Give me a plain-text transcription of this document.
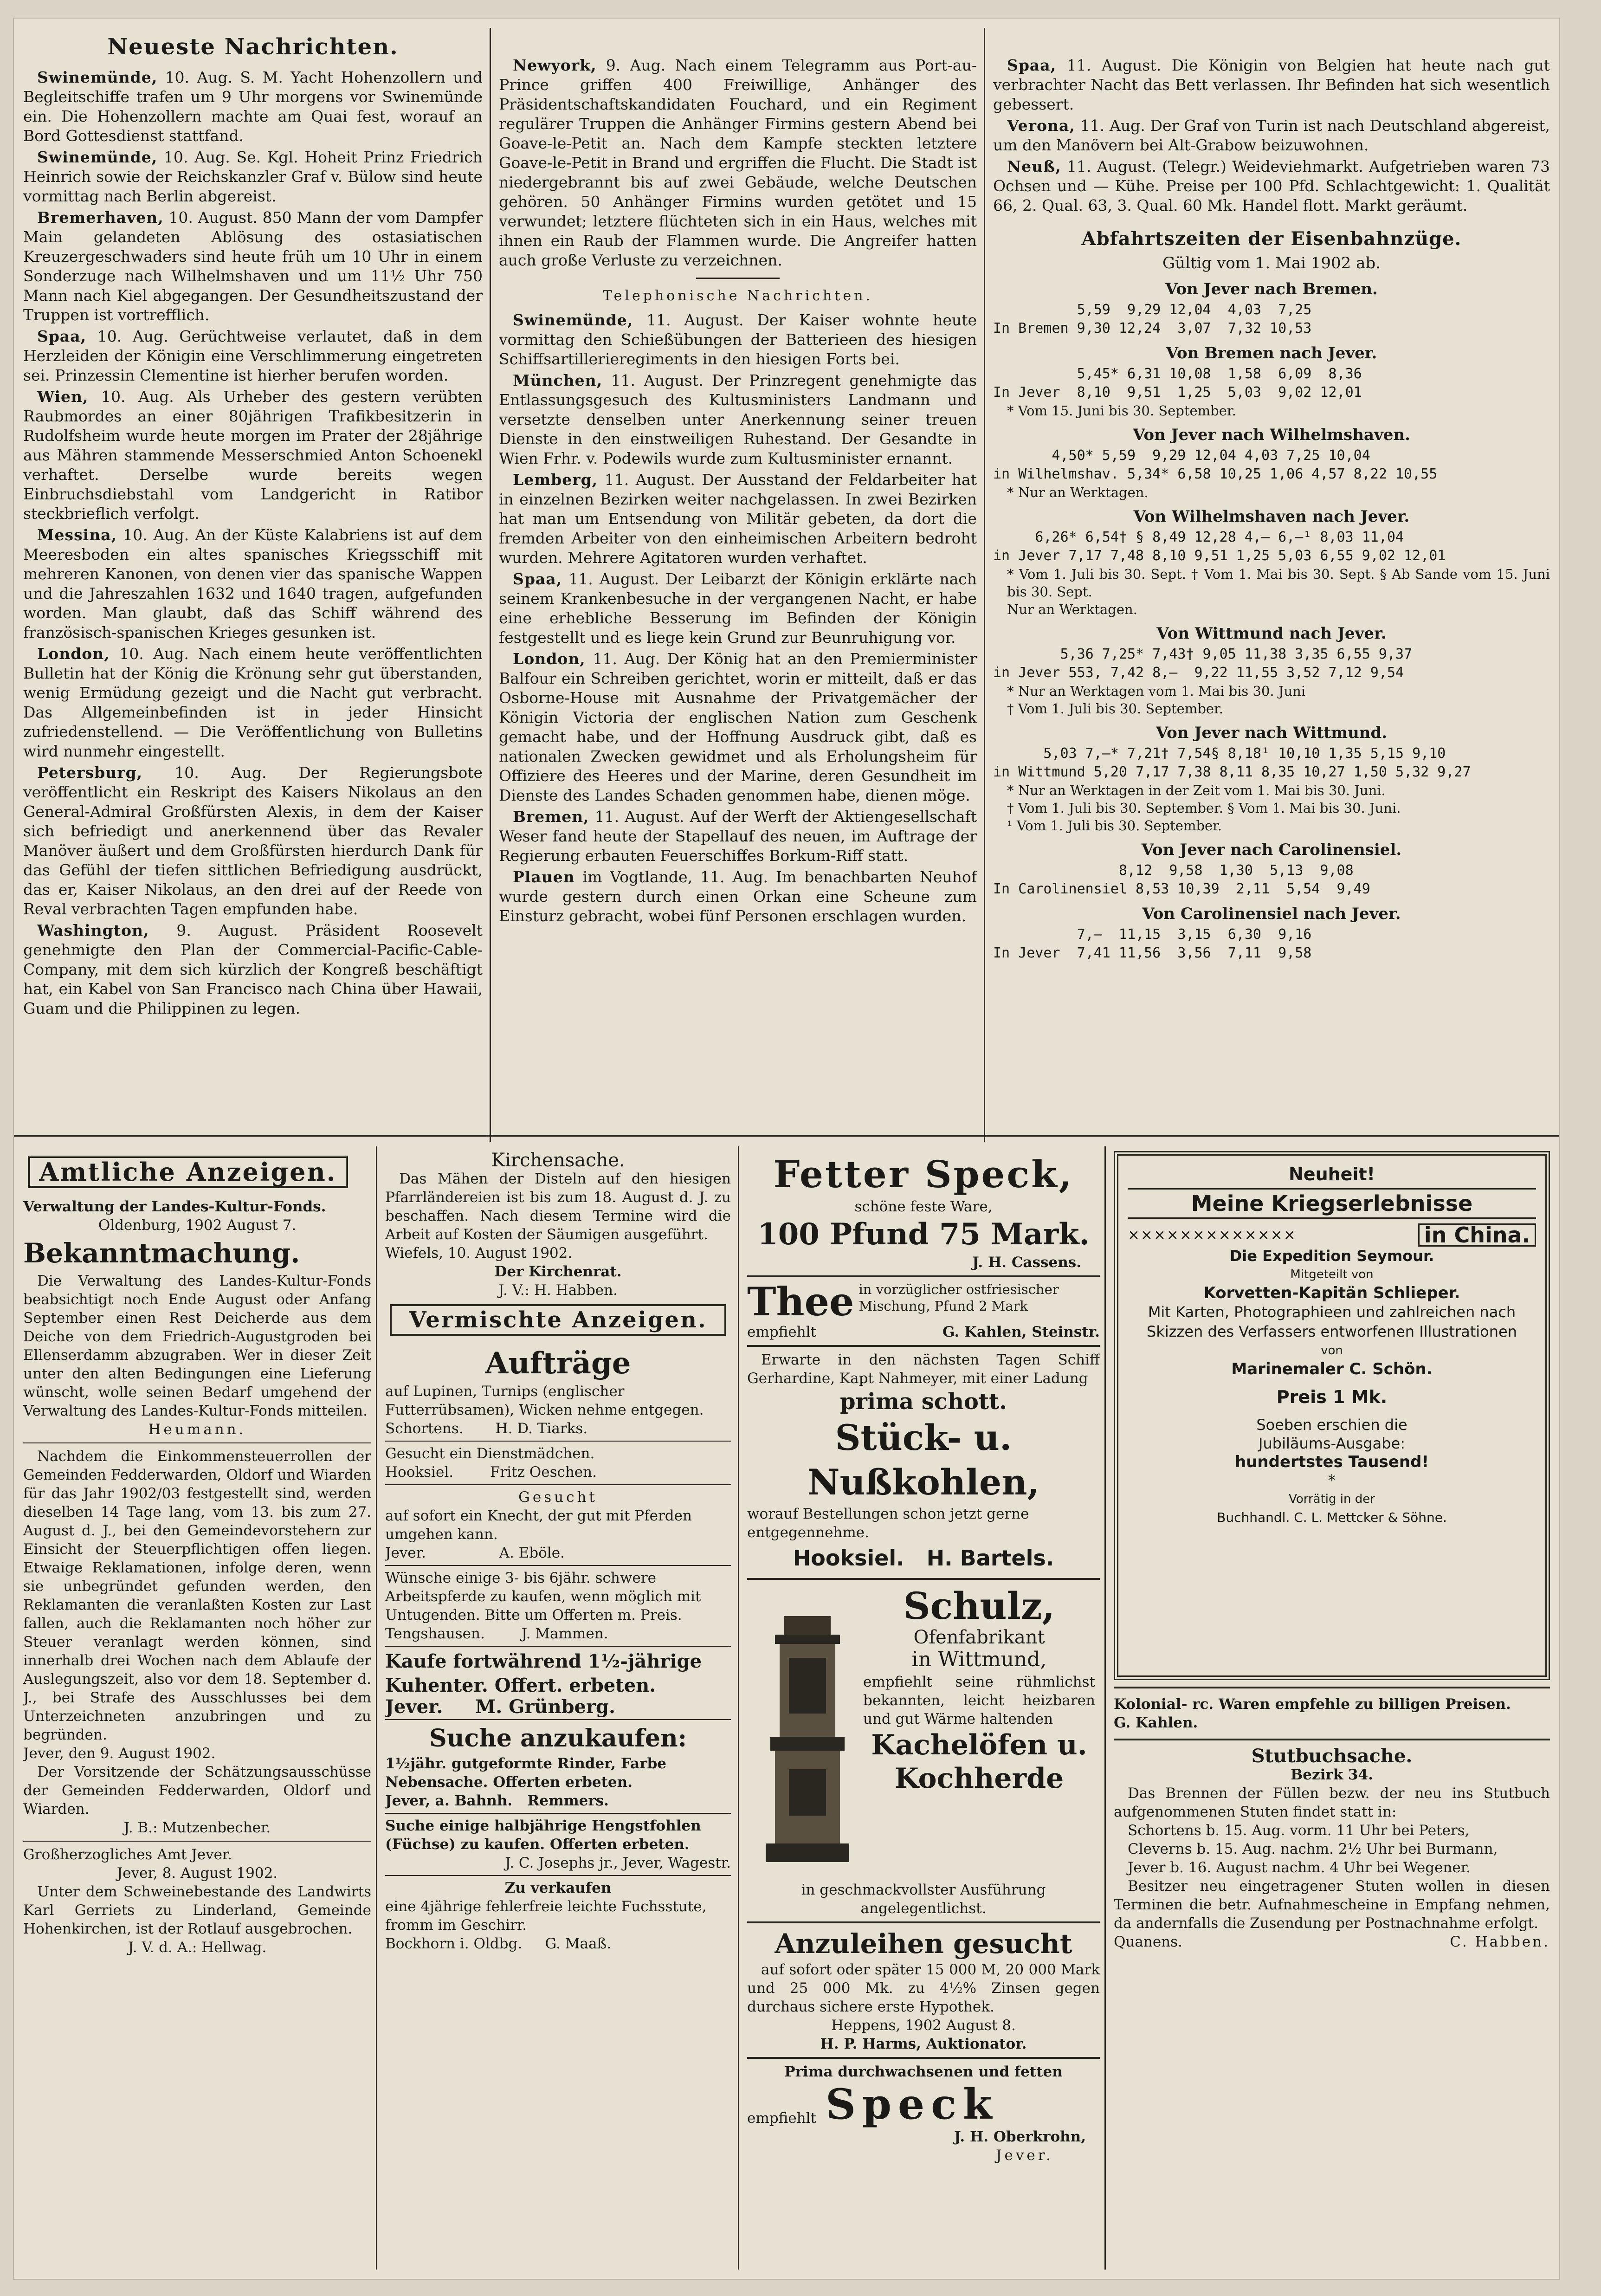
Neueste Nachrichten.

Swinemünde, 10. Aug. S. M. Yacht Hohenzollern und Begleitschiffe trafen um 9 Uhr morgens vor Swinemünde ein. Die Hohenzollern machte am Quai fest, worauf an Bord Gottesdienst stattfand.

Swinemünde, 10. Aug. Se. Kgl. Hoheit Prinz Friedrich Heinrich sowie der Reichskanzler Graf v. Bülow sind heute vormittag nach Berlin abgereist.

Bremerhaven, 10. August. 850 Mann der vom Dampfer Main gelandeten Ablösung des ostasiatischen Kreuzergeschwaders sind heute früh um 10 Uhr in einem Sonderzuge nach Wilhelmshaven und um 11½ Uhr 750 Mann nach Kiel abgegangen. Der Gesundheitszustand der Truppen ist vortrefflich.

Spaa, 10. Aug. Gerüchtweise verlautet, daß in dem Herzleiden der Königin eine Verschlimmerung eingetreten sei. Prinzessin Clementine ist hierher berufen worden.

Wien, 10. Aug. Als Urheber des gestern verübten Raubmordes an einer 80jährigen Trafikbesitzerin in Rudolfsheim wurde heute morgen im Prater der 28jährige aus Mähren stammende Messerschmied Anton Schoenekl verhaftet. Derselbe wurde bereits wegen Einbruchsdiebstahl vom Landgericht in Ratibor steckbrieflich verfolgt.

Messina, 10. Aug. An der Küste Kalabriens ist auf dem Meeresboden ein altes spanisches Kriegsschiff mit mehreren Kanonen, von denen vier das spanische Wappen und die Jahreszahlen 1632 und 1640 tragen, aufgefunden worden. Man glaubt, daß das Schiff während des französisch-spanischen Krieges gesunken ist.

London, 10. Aug. Nach einem heute veröffentlichten Bulletin hat der König die Krönung sehr gut überstanden, wenig Ermüdung gezeigt und die Nacht gut verbracht. Das Allgemeinbefinden ist in jeder Hinsicht zufriedenstellend. — Die Veröffentlichung von Bulletins wird nunmehr eingestellt.

Petersburg, 10. Aug. Der Regierungsbote veröffentlicht ein Reskript des Kaisers Nikolaus an den General-Admiral Großfürsten Alexis, in dem der Kaiser sich befriedigt und anerkennend über das Revaler Manöver äußert und dem Großfürsten hierdurch Dank für das Gefühl der tiefen sittlichen Befriedigung ausdrückt, das er, Kaiser Nikolaus, an den drei auf der Reede von Reval verbrachten Tagen empfunden habe.

Washington, 9. August. Präsident Roosevelt genehmigte den Plan der Commercial-Pacific-Cable-Company, mit dem sich kürzlich der Kongreß beschäftigt hat, ein Kabel von San Francisco nach China über Hawaii, Guam und die Philippinen zu legen.

Newyork, 9. Aug. Nach einem Telegramm aus Port-au-Prince griffen 400 Freiwillige, Anhänger des Präsidentschaftskandidaten Fouchard, und ein Regiment regulärer Truppen die Anhänger Firmins gestern Abend bei Goave-le-Petit an. Nach dem Kampfe steckten letztere Goave-le-Petit in Brand und ergriffen die Flucht. Die Stadt ist niedergebrannt bis auf zwei Gebäude, welche Deutschen gehören. 50 Anhänger Firmins wurden getötet und 15 verwundet; letztere flüchteten sich in ein Haus, welches mit ihnen ein Raub der Flammen wurde. Die Angreifer hatten auch große Verluste zu verzeichnen.

Telephonische Nachrichten.

Swinemünde, 11. August. Der Kaiser wohnte heute vormittag den Schießübungen der Batterieen des hiesigen Schiffsartillerieregiments in den hiesigen Forts bei.

München, 11. August. Der Prinzregent genehmigte das Entlassungsgesuch des Kultusministers Landmann und versetzte denselben unter Anerkennung seiner treuen Dienste in den einstweiligen Ruhestand. Der Gesandte in Wien Frhr. v. Podewils wurde zum Kultusminister ernannt.

Lemberg, 11. August. Der Ausstand der Feldarbeiter hat in einzelnen Bezirken weiter nachgelassen. In zwei Bezirken hat man um Entsendung von Militär gebeten, da dort die fremden Arbeiter von den einheimischen Arbeitern bedroht wurden. Mehrere Agitatoren wurden verhaftet.

Spaa, 11. August. Der Leibarzt der Königin erklärte nach seinem Krankenbesuche in der vergangenen Nacht, er habe eine erhebliche Besserung im Befinden der Königin festgestellt und es liege kein Grund zur Beunruhigung vor.

London, 11. Aug. Der König hat an den Premierminister Balfour ein Schreiben gerichtet, worin er mitteilt, daß er das Osborne-House mit Ausnahme der Privatgemächer der Königin Victoria der englischen Nation zum Geschenk gemacht habe, und der Hoffnung Ausdruck gibt, daß es nationalen Zwecken gewidmet und als Erholungsheim für Offiziere des Heeres und der Marine, deren Gesundheit im Dienste des Landes Schaden genommen habe, dienen möge.

Bremen, 11. August. Auf der Werft der Aktiengesellschaft Weser fand heute der Stapellauf des neuen, im Auftrage der Regierung erbauten Feuerschiffes Borkum-Riff statt.

Plauen im Vogtlande, 11. Aug. Im benachbarten Neuhof wurde gestern durch einen Orkan eine Scheune zum Einsturz gebracht, wobei fünf Personen erschlagen wurden.

Spaa, 11. August. Die Königin von Belgien hat heute nach gut verbrachter Nacht das Bett verlassen. Ihr Befinden hat sich wesentlich gebessert.

Verona, 11. Aug. Der Graf von Turin ist nach Deutschland abgereist, um den Manövern bei Alt-Grabow beizuwohnen.

Neuß, 11. August. (Telegr.) Weideviehmarkt. Aufgetrieben waren 73 Ochsen und — Kühe. Preise per 100 Pfd. Schlachtgewicht: 1. Qualität 66, 2. Qual. 63, 3. Qual. 60 Mk. Handel flott. Markt geräumt.

Abfahrtszeiten der Eisenbahnzüge.
Gültig vom 1. Mai 1902 ab.
Von Jever nach Bremen.
5,59  9,29 12,04  4,03  7,25
In Bremen 9,30 12,24  3,07  7,32 10,53
Von Bremen nach Jever.
5,45* 6,31 10,08  1,58  6,09  8,36
In Jever  8,10  9,51  1,25  5,03  9,02 12,01
* Vom 15. Juni bis 30. September.
Von Jever nach Wilhelmshaven.
4,50* 5,59  9,29 12,04 4,03 7,25 10,04
in Wilhelmshav. 5,34* 6,58 10,25 1,06 4,57 8,22 10,55
* Nur an Werktagen.
Von Wilhelmshaven nach Jever.
6,26* 6,54† § 8,49 12,28 4,— 6,—¹ 8,03 11,04
in Jever 7,17 7,48 8,10 9,51 1,25 5,03 6,55 9,02 12,01
* Vom 1. Juli bis 30. Sept. † Vom 1. Mai bis 30. Sept. § Ab Sande vom 15. Juni bis 30. Sept.
Nur an Werktagen.
Von Wittmund nach Jever.
5,36 7,25* 7,43† 9,05 11,38 3,35 6,55 9,37
in Jever 553, 7,42 8,—  9,22 11,55 3,52 7,12 9,54
* Nur an Werktagen vom 1. Mai bis 30. Juni
† Vom 1. Juli bis 30. September.
Von Jever nach Wittmund.
5,03 7,—* 7,21† 7,54§ 8,18¹ 10,10 1,35 5,15 9,10
in Wittmund 5,20 7,17 7,38 8,11 8,35 10,27 1,50 5,32 9,27
* Nur an Werktagen in der Zeit vom 1. Mai bis 30. Juni.
† Vom 1. Juli bis 30. September. § Vom 1. Mai bis 30. Juni.
¹ Vom 1. Juli bis 30. September.
Von Jever nach Carolinensiel.
8,12  9,58  1,30  5,13  9,08
In Carolinensiel 8,53 10,39  2,11  5,54  9,49
Von Carolinensiel nach Jever.
7,—  11,15  3,15  6,30  9,16
In Jever  7,41 11,56  3,56  7,11  9,58
Amtliche Anzeigen.

Verwaltung der Landes-Kultur-Fonds.

Oldenburg, 1902 August 7.

Bekanntmachung.

Die Verwaltung des Landes-Kultur-Fonds beabsichtigt noch Ende August oder Anfang September einen Rest Deicherde aus dem Deiche von dem Friedrich-Augustgroden bei Ellenserdamm abzugraben. Wer in dieser Zeit unter den alten Bedingungen eine Lieferung wünscht, wolle seinen Bedarf umgehend der Verwaltung des Landes-Kultur-Fonds mitteilen.

Heumann.

Nachdem die Einkommensteuerrollen der Gemeinden Fedderwarden, Oldorf und Wiarden für das Jahr 1902/03 festgestellt sind, werden dieselben 14 Tage lang, vom 13. bis zum 27. August d. J., bei den Gemeindevorstehern zur Einsicht der Steuerpflichtigen offen liegen. Etwaige Reklamationen, infolge deren, wenn sie unbegründet gefunden werden, den Reklamanten die veranlaßten Kosten zur Last fallen, auch die Reklamanten noch höher zur Steuer veranlagt werden können, sind innerhalb drei Wochen nach dem Ablaufe der Auslegungszeit, also vor dem 18. September d. J., bei Strafe des Ausschlusses bei dem Unterzeichneten anzubringen und zu begründen.

Jever, den 9. August 1902.

Der Vorsitzende der Schätzungsausschüsse der Gemeinden Fedderwarden, Oldorf und Wiarden.

J. B.: Mutzenbecher.

Großherzogliches Amt Jever.

Jever, 8. August 1902.

Unter dem Schweinebestande des Landwirts Karl Gerriets zu Linderland, Gemeinde Hohenkirchen, ist der Rotlauf ausgebrochen.

J. V. d. A.: Hellwag.

Kirchensache.

Das Mähen der Disteln auf den hiesigen Pfarrländereien ist bis zum 18. August d. J. zu beschaffen. Nach diesem Termine wird die Arbeit auf Kosten der Säumigen ausgeführt.

Wiefels, 10. August 1902.

Der Kirchenrat.

J. V.: H. Habben.

Vermischte Anzeigen.

Aufträge

auf Lupinen, Turnips (englischer Futterrübsamen), Wicken nehme entgegen.

Schortens.       H. D. Tiarks.

Gesucht ein Dienstmädchen.

Hooksiel.        Fritz Oeschen.

Gesucht

auf sofort ein Knecht, der gut mit Pferden umgehen kann.

Jever.                A. Eböle.

Wünsche einige 3- bis 6jähr. schwere Arbeitspferde zu kaufen, wenn möglich mit Untugenden. Bitte um Offerten m. Preis.

Tengshausen.        J. Mammen.

Kaufe fortwährend 1½-jährige Kuhenter. Offert. erbeten.

Jever.     M. Grünberg.

Suche anzukaufen:

1½jähr. gutgeformte Rinder, Farbe Nebensache. Offerten erbeten.

Jever, a. Bahnh.   Remmers.

Suche einige halbjährige Hengstfohlen (Füchse) zu kaufen. Offerten erbeten.

J. C. Josephs jr., Jever, Wagestr.

Zu verkaufen

eine 4jährige fehlerfreie leichte Fuchsstute, fromm im Geschirr.

Bockhorn i. Oldbg.     G. Maaß.

Fetter Speck,

schöne feste Ware,

100 Pfund 75 Mark.

J. H. Cassens.

Thee in vorzüglicher ostfriesischer Mischung, Pfund 2 Mark

empfiehlt	G. Kahlen, Steinstr.

Erwarte in den nächsten Tagen Schiff Gerhardine, Kapt Nahmeyer, mit einer Ladung

prima schott.

Stück- u. Nußkohlen,

worauf Bestellungen schon jetzt gerne entgegennehme.

Hooksiel.   H. Bartels.

Schulz,

Ofenfabrikant

in Wittmund,

empfiehlt seine rühmlichst bekannten, leicht heizbaren und gut Wärme haltenden

Kachelöfen u. Kochherde

in geschmackvollster Ausführung angelegentlichst.

Anzuleihen gesucht

auf sofort oder später 15 000 M, 20 000 Mark und 25 000 Mk. zu 4½% Zinsen gegen durchaus sichere erste Hypothek.

Heppens, 1902 August 8.

H. P. Harms, Auktionator.

Prima durchwachsenen und fetten

empfiehlt Speck

J. H. Oberkrohn,

Jever.

Neuheit!

Meine Kriegserlebnisse

×××××××××××××	in China.

Die Expedition Seymour.

Mitgeteilt von

Korvetten-Kapitän Schlieper.

Mit Karten, Photographieen und zahlreichen nach Skizzen des Verfassers entworfenen Illustrationen

von

Marinemaler C. Schön.

Preis 1 Mk.

Soeben erschien die

Jubiläums-Ausgabe:

hundertstes Tausend!

*

Vorrätig in der

Buchhandl. C. L. Mettcker & Söhne.

Kolonial- rc. Waren empfehle zu billigen Preisen.
G. Kahlen.

Stutbuchsache.

Bezirk 34.

Das Brennen der Füllen bezw. der neu ins Stutbuch aufgenommenen Stuten findet statt in:

Schortens b. 15. Aug. vorm. 11 Uhr bei Peters,

Cleverns b. 15. Aug. nachm. 2½ Uhr bei Burmann,

Jever b. 16. August nachm. 4 Uhr bei Wegener.

Besitzer neu eingetragener Stuten wollen in diesen Terminen die betr. Aufnahmescheine in Empfang nehmen, da andernfalls die Zusendung per Postnachnahme erfolgt.

Quanens.	C. Habben.
